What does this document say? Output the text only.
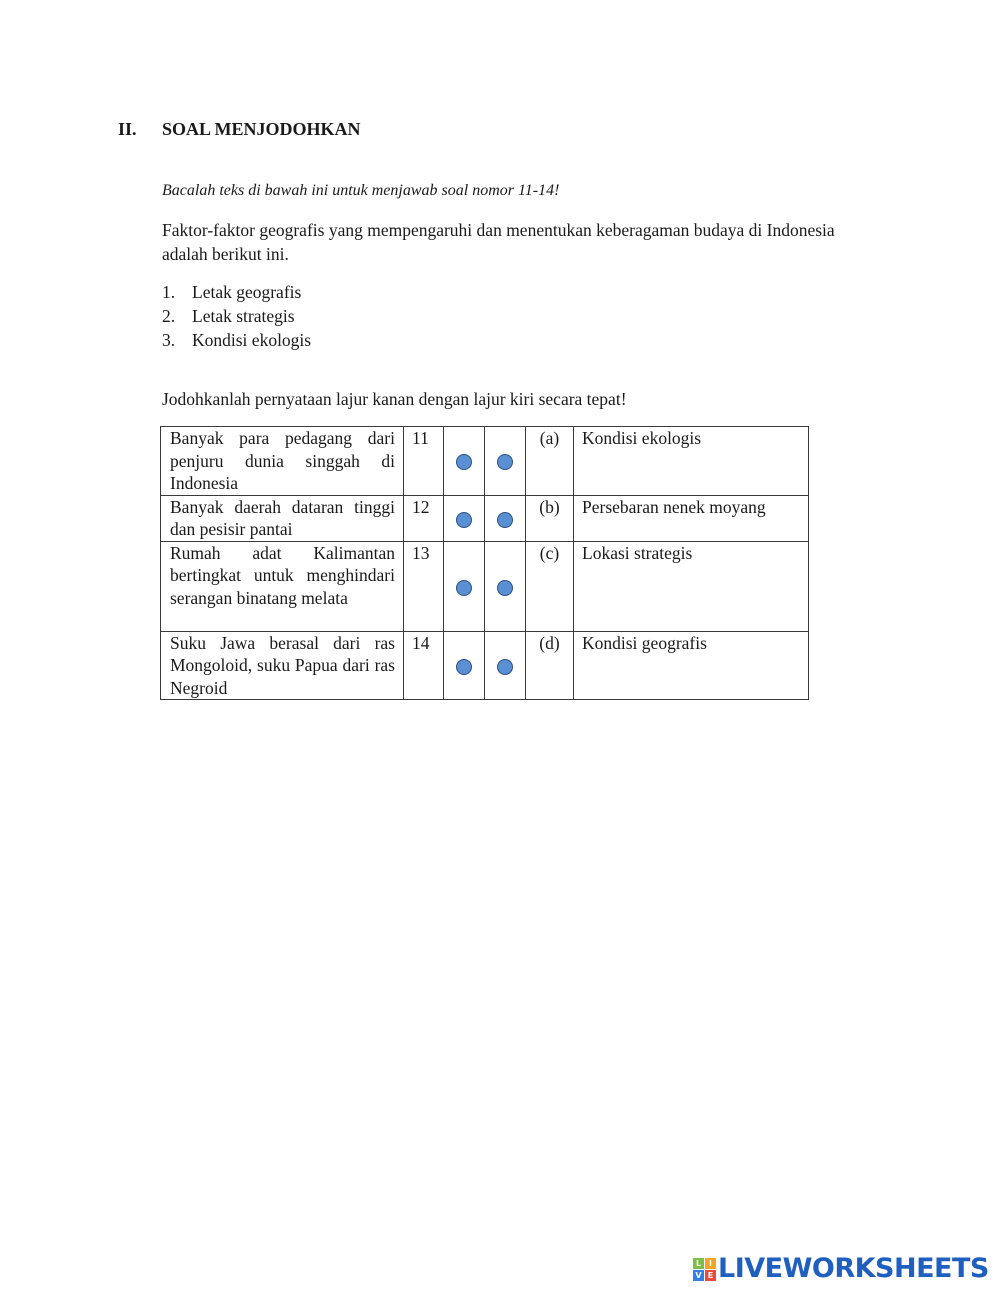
II. SOAL MENJODOHKAN
Bacalah teks di bawah ini untuk menjawab soal nomor 11-14!
Faktor-faktor geografis yang mempengaruhi dan menentukan keberagaman budaya di Indonesia adalah berikut ini.
1. Letak geografis
2. Letak strategis
3. Kondisi ekologis
Jodohkanlah pernyataan lajur kanan dengan lajur kiri secara tepat!
Banyak para pedagang dari penjuru dunia singgah di Indonesia	11			(a)	Kondisi ekologis
Banyak daerah dataran tinggi dan pesisir pantai	12			(b)	Persebaran nenek moyang
Rumah adat Kalimantan bertingkat untuk menghindari serangan binatang melata	13			(c)	Lokasi strategis
Suku Jawa berasal dari ras Mongoloid, suku Papua dari ras Negroid	14			(d)	Kondisi geografis
L I
V E LIVEWORKSHEETS
